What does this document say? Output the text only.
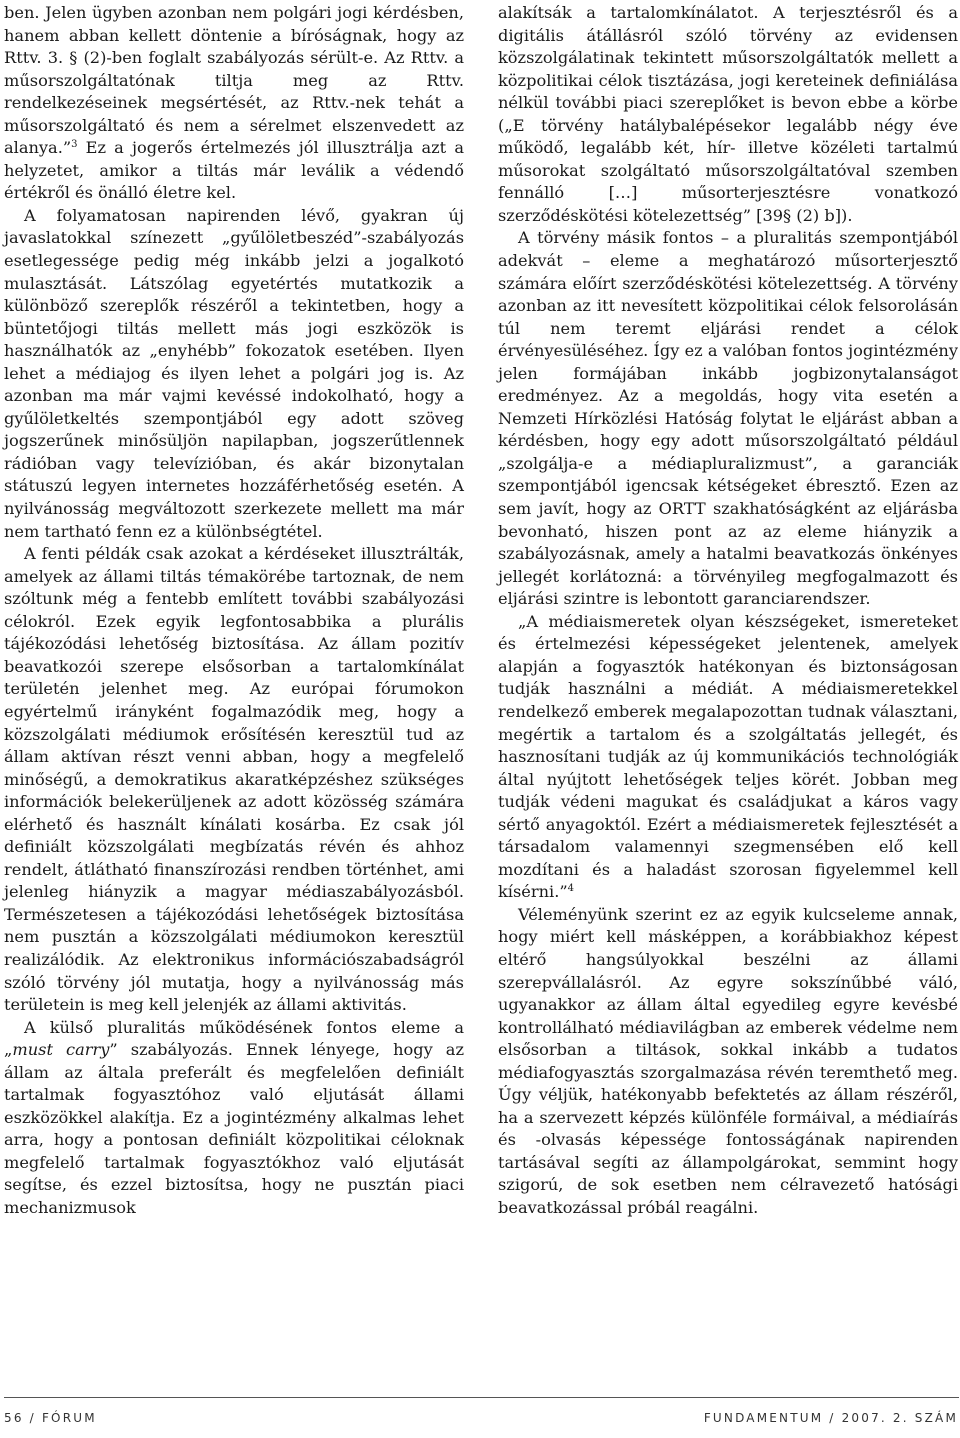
ben. Jelen ügyben azonban nem polgári jogi kérdésben, hanem abban kellett döntenie a bíróságnak, hogy az Rttv. 3. § (2)-ben foglalt szabályozás sérült-e. Az Rttv. a műsorszolgáltatónak tiltja meg az Rttv. rendelkezéseinek megsértését, az Rttv.-nek tehát a műsorszolgáltató és nem a sérelmet elszenvedett az alanya.”$^3$ Ez a jogerős értelmezés jól illusztrálja azt a helyzetet, amikor a tiltás már leválik a védendő értékről és önálló életre kel.

A folyamatosan napirenden lévő, gyakran új javaslatokkal színezett „gyűlöletbeszéd”-szabályozás esetlegessége pedig még inkább jelzi a jogalkotó mulasztását. Látszólag egyetértés mutatkozik a különböző szereplők részéről a tekintetben, hogy a büntetőjogi tiltás mellett más jogi eszközök is használhatók az „enyhébb” fokozatok esetében. Ilyen lehet a médiajog és ilyen lehet a polgári jog is. Az azonban ma már vajmi kevéssé indokolható, hogy a gyűlöletkeltés szempontjából egy adott szöveg jogszerűnek minősüljön napilapban, jogszerűtlennek rádióban vagy televízióban, és akár bizonytalan státuszú legyen internetes hozzáférhetőség esetén. A nyilvánosság megváltozott szerkezete mellett ma már nem tartható fenn ez a különbségtétel.

A fenti példák csak azokat a kérdéseket illusztrálták, amelyek az állami tiltás témakörébe tartoznak, de nem szóltunk még a fentebb említett további szabályozási célokról. Ezek egyik legfontosabbika a plurális tájékozódási lehetőség biztosítása. Az állam pozitív beavatkozói szerepe elsősorban a tartalomkínálat területén jelenhet meg. Az európai fórumokon egyértelmű irányként fogalmazódik meg, hogy a közszolgálati médiumok erősítésén keresztül tud az állam aktívan részt venni abban, hogy a megfelelő minőségű, a demokratikus akaratképzéshez szükséges információk belekerüljenek az adott közösség számára elérhető és használt kínálati kosárba. Ez csak jól definiált közszolgálati megbízatás révén és ahhoz rendelt, átlátható finanszírozási rendben történhet, ami jelenleg hiányzik a magyar médiaszabályozásból. Természetesen a tájékozódási lehetőségek biztosítása nem pusztán a közszolgálati médiumokon keresztül realizálódik. Az elektronikus információszabadságról szóló törvény jól mutatja, hogy a nyilvánosság más területein is meg kell jelenjék az állami aktivitás.

A külső pluralitás működésének fontos eleme a „must carry” szabályozás. Ennek lényege, hogy az állam az általa preferált és megfelelően definiált tartalmak fogyasztóhoz való eljutását állami eszközökkel alakítja. Ez a jogintézmény alkalmas lehet arra, hogy a pontosan definiált közpolitikai céloknak megfelelő tartalmak fogyasztókhoz való eljutását segítse, és ezzel biztosítsa, hogy ne pusztán piaci mechanizmusok

alakítsák a tartalomkínálatot. A terjesztésről és a digitális átállásról szóló törvény az evidensen közszolgálatinak tekintett műsorszolgáltatók mellett a közpolitikai célok tisztázása, jogi kereteinek definiálása nélkül további piaci szereplőket is bevon ebbe a körbe („E törvény hatálybalépésekor legalább négy éve működő, legalább két, hír- illetve közéleti tartalmú műsorokat szolgáltató műsorszolgáltatóval szemben fennálló […] műsorterjesztésre vonatkozó szerződéskötési kötelezettség” [39§ (2) b]).

A törvény másik fontos – a pluralitás szempontjából adekvát – eleme a meghatározó műsorterjesztő számára előírt szerződéskötési kötelezettség. A törvény azonban az itt nevesített közpolitikai célok felsorolásán túl nem teremt eljárási rendet a célok érvényesüléséhez. Így ez a valóban fontos jogintézmény jelen formájában inkább jogbizonytalanságot eredményez. Az a megoldás, hogy vita esetén a Nemzeti Hírközlési Hatóság folytat le eljárást abban a kérdésben, hogy egy adott műsorszolgáltató például „szolgálja-e a médiapluralizmust”, a garanciák szempontjából igencsak kétségeket ébresztő. Ezen az sem javít, hogy az ORTT szakhatóságként az eljárásba bevonható, hiszen pont az az eleme hiányzik a szabályozásnak, amely a hatalmi beavatkozás önkényes jellegét korlátozná: a törvényileg megfogalmazott és eljárási szintre is lebontott garanciarendszer.

„A médiaismeretek olyan készségeket, ismereteket és értelmezési képességeket jelentenek, amelyek alapján a fogyasztók hatékonyan és biztonságosan tudják használni a médiát. A médiaismeretekkel rendelkező emberek megalapozottan tudnak választani, megértik a tartalom és a szolgáltatás jellegét, és hasznosítani tudják az új kommunikációs technológiák által nyújtott lehetőségek teljes körét. Jobban meg tudják védeni magukat és családjukat a káros vagy sértő anyagoktól. Ezért a médiaismeretek fejlesztését a társadalom valamennyi szegmensében elő kell mozdítani és a haladást szorosan figyelemmel kell kísérni.”$^4$

Véleményünk szerint ez az egyik kulcseleme annak, hogy miért kell másképpen, a korábbiakhoz képest eltérő hangsúlyokkal beszélni az állami szerepvállalásról. Az egyre sokszínűbbé váló, ugyanakkor az állam által egyedileg egyre kevésbé kontrollálható médiavilágban az emberek védelme nem elsősorban a tiltások, sokkal inkább a tudatos médiafogyasztás szorgalmazása révén teremthető meg. Úgy véljük, hatékonyabb befektetés az állam részéről, ha a szervezett képzés különféle formáival, a médiaírás és -olvasás képessége fontosságának napirenden tartásával segíti az állampolgárokat, semmint hogy szigorú, de sok esetben nem célravezető hatósági beavatkozással próbál reagálni.

56 / FÓRUM	FUNDAMENTUM / 2007. 2. SZÁM
